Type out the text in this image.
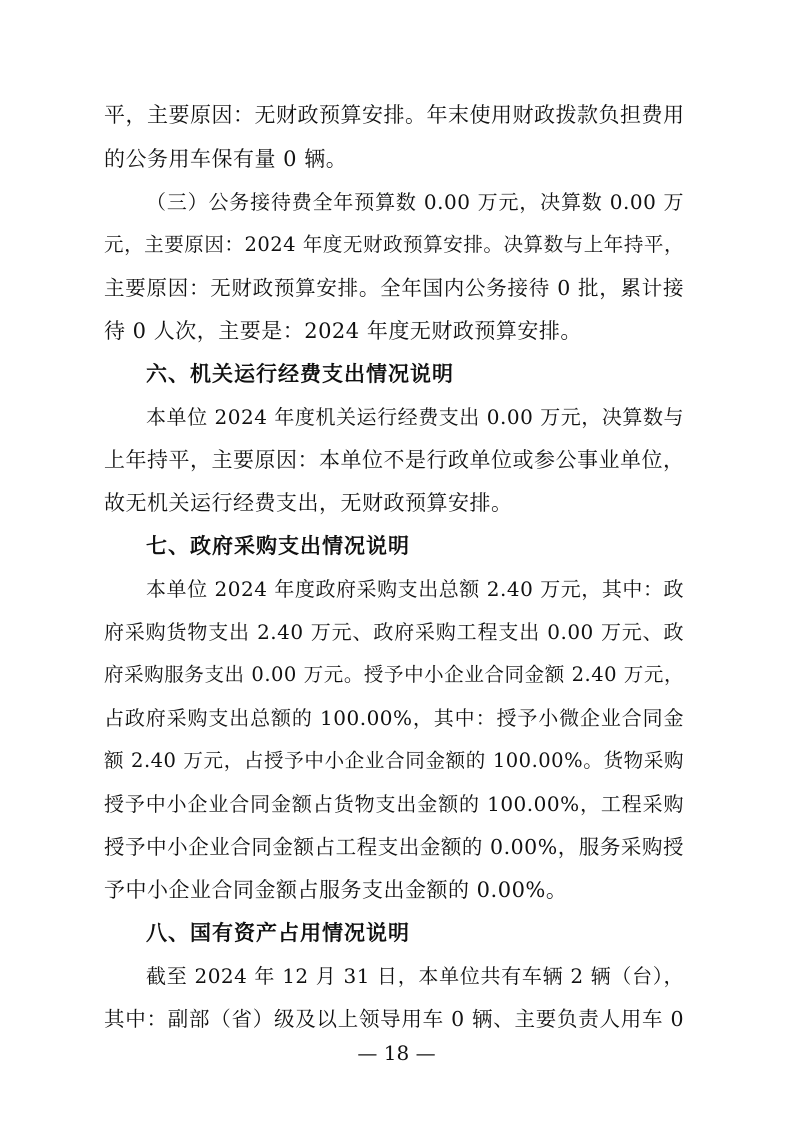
平，主要原因：无财政预算安排。年末使用财政拨款负担费用
的公务用车保有量 0 辆。
（三）公务接待费全年预算数 0.00 万元，决算数 0.00 万
元，主要原因：2024 年度无财政预算安排。决算数与上年持平，
主要原因：无财政预算安排。全年国内公务接待 0 批，累计接
待 0 人次，主要是：2024 年度无财政预算安排。
六、机关运行经费支出情况说明
本单位 2024 年度机关运行经费支出 0.00 万元，决算数与
上年持平，主要原因：本单位不是行政单位或参公事业单位，
故无机关运行经费支出，无财政预算安排。
七、政府采购支出情况说明
本单位 2024 年度政府采购支出总额 2.40 万元，其中：政
府采购货物支出 2.40 万元、政府采购工程支出 0.00 万元、政
府采购服务支出 0.00 万元。授予中小企业合同金额 2.40 万元，
占政府采购支出总额的 100.00%，其中：授予小微企业合同金
额 2.40 万元，占授予中小企业合同金额的 100.00%。货物采购
授予中小企业合同金额占货物支出金额的 100.00%，工程采购
授予中小企业合同金额占工程支出金额的 0.00%，服务采购授
予中小企业合同金额占服务支出金额的 0.00%。
八、国有资产占用情况说明
截至 2024 年 12 月 31 日，本单位共有车辆 2 辆（台），
其中：副部（省）级及以上领导用车 0 辆、主要负责人用车 0
— 18 —
